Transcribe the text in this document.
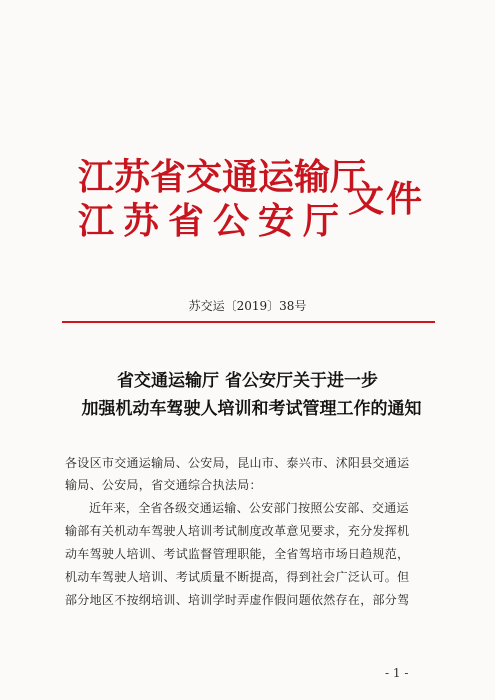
江苏省交通运输厅
江苏省公安厅
文件
苏交运〔2019〕38号
省交通运输厅 省公安厅关于进一步
加强机动车驾驶人培训和考试管理工作的通知
各设区市交通运输局、公安局，昆山市、泰兴市、沭阳县交通运
输局、公安局，省交通综合执法局：
近年来，全省各级交通运输、公安部门按照公安部、交通运
输部有关机动车驾驶人培训考试制度改革意见要求，充分发挥机
动车驾驶人培训、考试监督管理职能，全省驾培市场日趋规范，
机动车驾驶人培训、考试质量不断提高，得到社会广泛认可。但
部分地区不按纲培训、培训学时弄虚作假问题依然存在，部分驾
- 1 -
